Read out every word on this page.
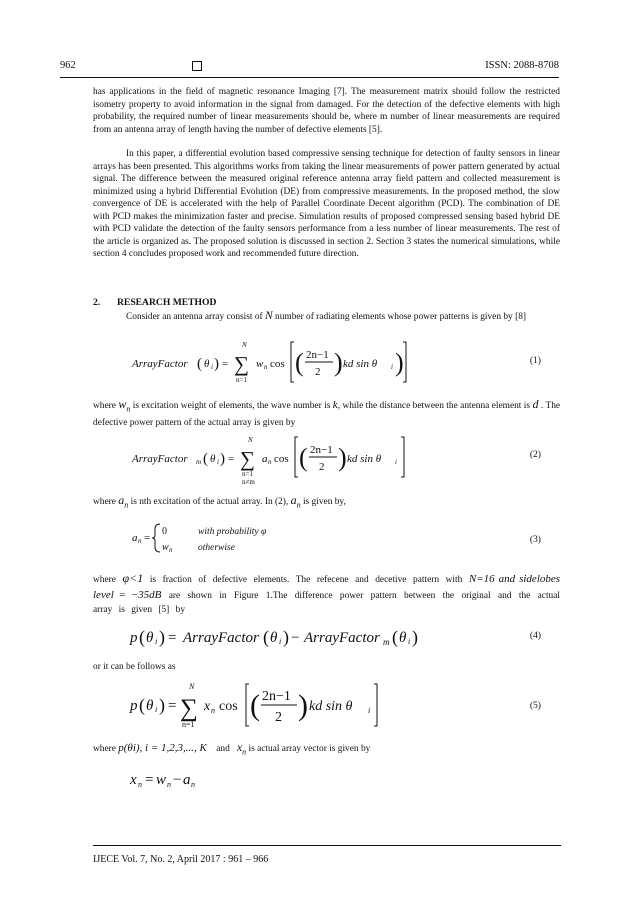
962	ISSN: 2088-8708

has applications in the field of magnetic resonance Imaging [7]. The measurement matrix should follow the restricted isometry property to avoid information in the signal from damaged. For the detection of the defective elements with high probability, the required number of linear measurements should be, where m number of linear measurements are required from an antenna array of length having the number of defective elements [5].

In this paper, a differential evolution based compressive sensing technique for detection of faulty sensors in linear arrays has been presented. This algorithms works from taking the linear measurements of power pattern generated by actual signal. The difference between the measured original reference antenna array field pattern and collected measurement is minimized using a hybrid Differential Evolution (DE) from compressive measurements. In the proposed method, the slow convergence of DE is accelerated with the help of Parallel Coordinate Decent algorithm (PCD). The combination of DE with PCD makes the minimization faster and precise. Simulation results of proposed compressed sensing based hybrid DE with PCD validate the detection of the faulty sensors performance from a less number of linear measurements. The rest of the article is organized as. The proposed solution is discussed in section 2. Section 3 states the numerical simulations, while section 4 concludes proposed work and recommended future direction.

2. RESEARCH METHOD

Consider an antenna array consist of N number of radiating elements whose power patterns is given by [8]

ArrayFactor ( θ i ) =
N
∑
n=1
w n cos ( 2n−1
2 ) kd sin θ i )	(1)

where $w_n$ is excitation weight of elements, the wave number is k, while the distance between the antenna element is d . The defective power pattern of the actual array is given by

ArrayFactor m ( θ i ) =
N
∑
n=1
n≠m
a n cos ( 2n−1
2 ) kd sin θ i
(2)

where $a_n$ is nth excitation of the actual array. In (2), $a_n$ is given by,

a n =
0	with probability φ
w n	otherwise
(3)

where φ<1 is fraction of defective elements. The refecene and decetive pattern with N=16 and sidelobes level = −35dB are shown in Figure 1.The difference power pattern between the original and the actual array is given [5] by

p ( θ i ) = ArrayFactor ( θ i ) − ArrayFactor m ( θ i )	(4)

or it can be follows as

p ( θ i ) =
N
∑
n=1
x n cos ( 2n−1
2 ) kd sin θ i	(5)

where p(θi), i = 1,2,3,..., K and $x_n$ is actual array vector is given by

x n = w n − a n
IJECE Vol. 7, No. 2, April 2017 : 961 – 966
